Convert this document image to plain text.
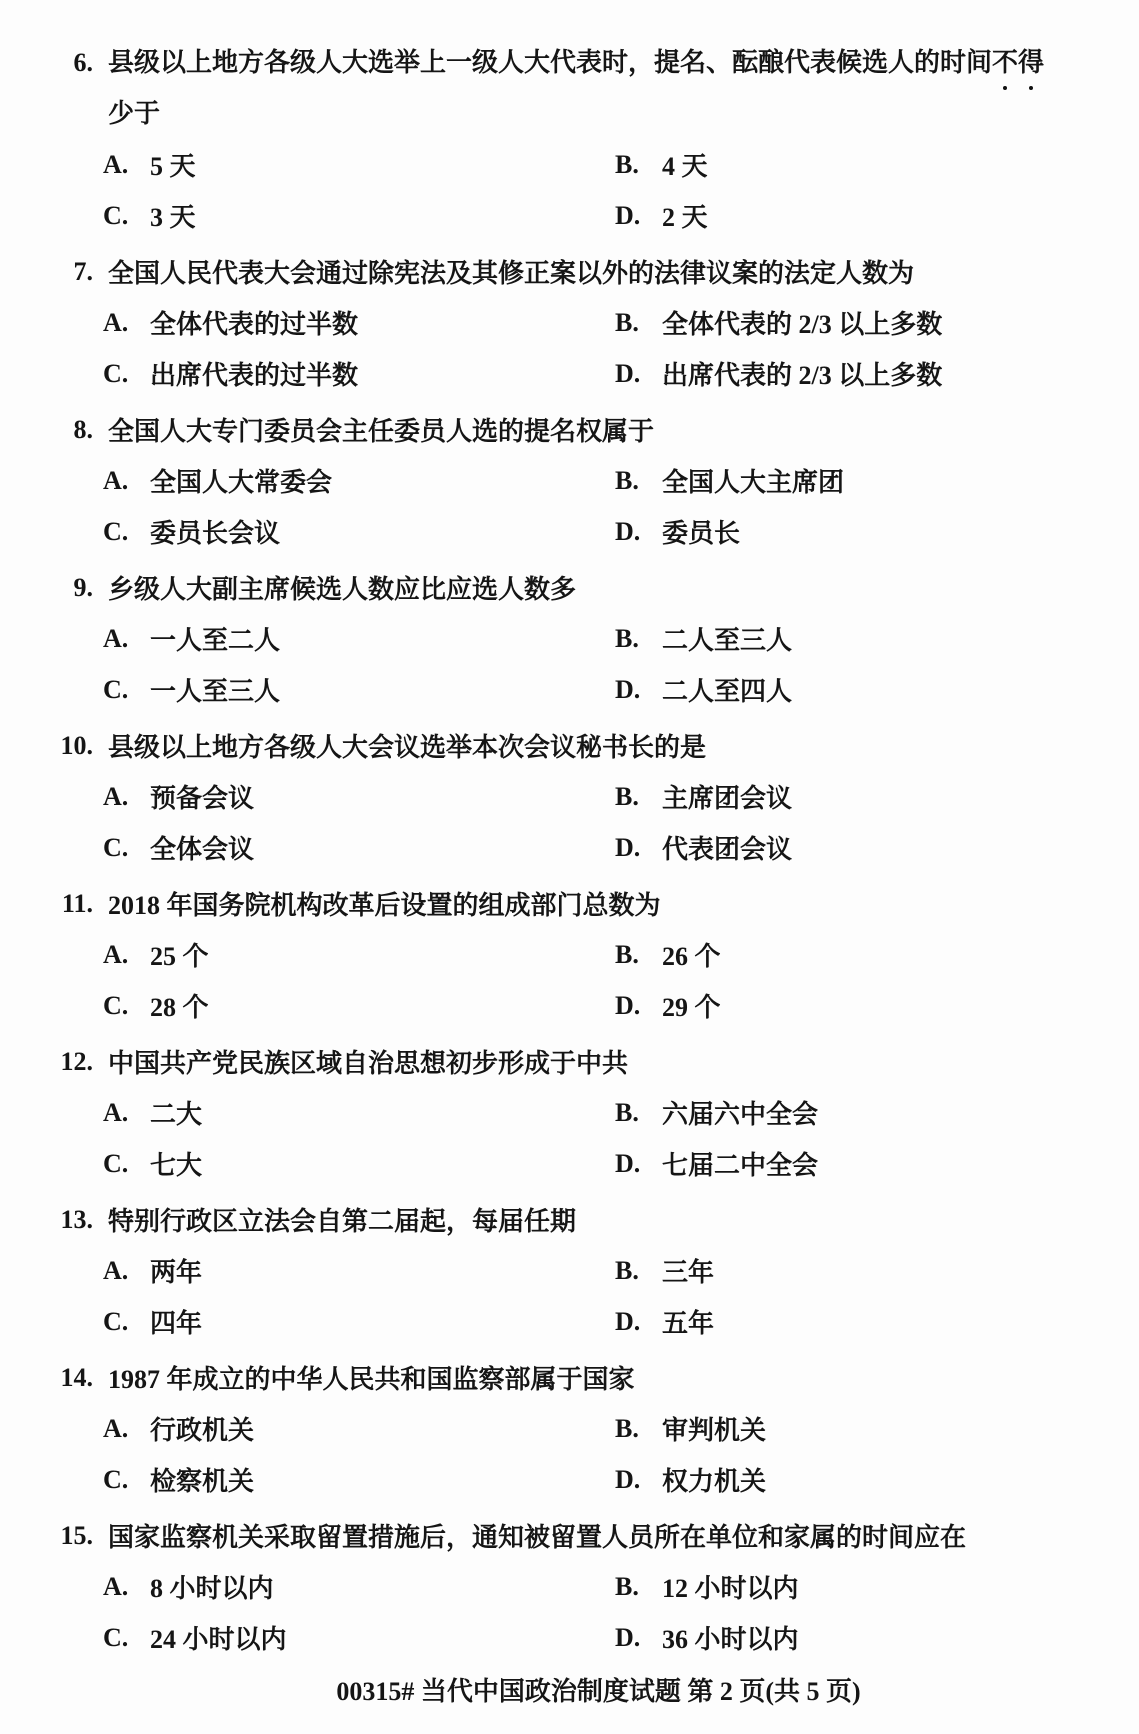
6. 县级以上地方各级人大选举上一级人大代表时，提名、酝酿代表候选人的时间不得
少于
A. 5 天	B. 4 天
C. 3 天	D. 2 天
7. 全国人民代表大会通过除宪法及其修正案以外的法律议案的法定人数为
A. 全体代表的过半数	B. 全体代表的 2/3 以上多数
C. 出席代表的过半数	D. 出席代表的 2/3 以上多数
8. 全国人大专门委员会主任委员人选的提名权属于
A. 全国人大常委会	B. 全国人大主席团
C. 委员长会议	D. 委员长
9. 乡级人大副主席候选人数应比应选人数多
A. 一人至二人	B. 二人至三人
C. 一人至三人	D. 二人至四人
10. 县级以上地方各级人大会议选举本次会议秘书长的是
A. 预备会议	B. 主席团会议
C. 全体会议	D. 代表团会议
11. 2018 年国务院机构改革后设置的组成部门总数为
A. 25 个	B. 26 个
C. 28 个	D. 29 个
12. 中国共产党民族区域自治思想初步形成于中共
A. 二大	B. 六届六中全会
C. 七大	D. 七届二中全会
13. 特别行政区立法会自第二届起，每届任期
A. 两年	B. 三年
C. 四年	D. 五年
14. 1987 年成立的中华人民共和国监察部属于国家
A. 行政机关	B. 审判机关
C. 检察机关	D. 权力机关
15. 国家监察机关采取留置措施后，通知被留置人员所在单位和家属的时间应在
A. 8 小时以内	B. 12 小时以内
C. 24 小时以内	D. 36 小时以内
00315# 当代中国政治制度试题 第 2 页(共 5 页)
